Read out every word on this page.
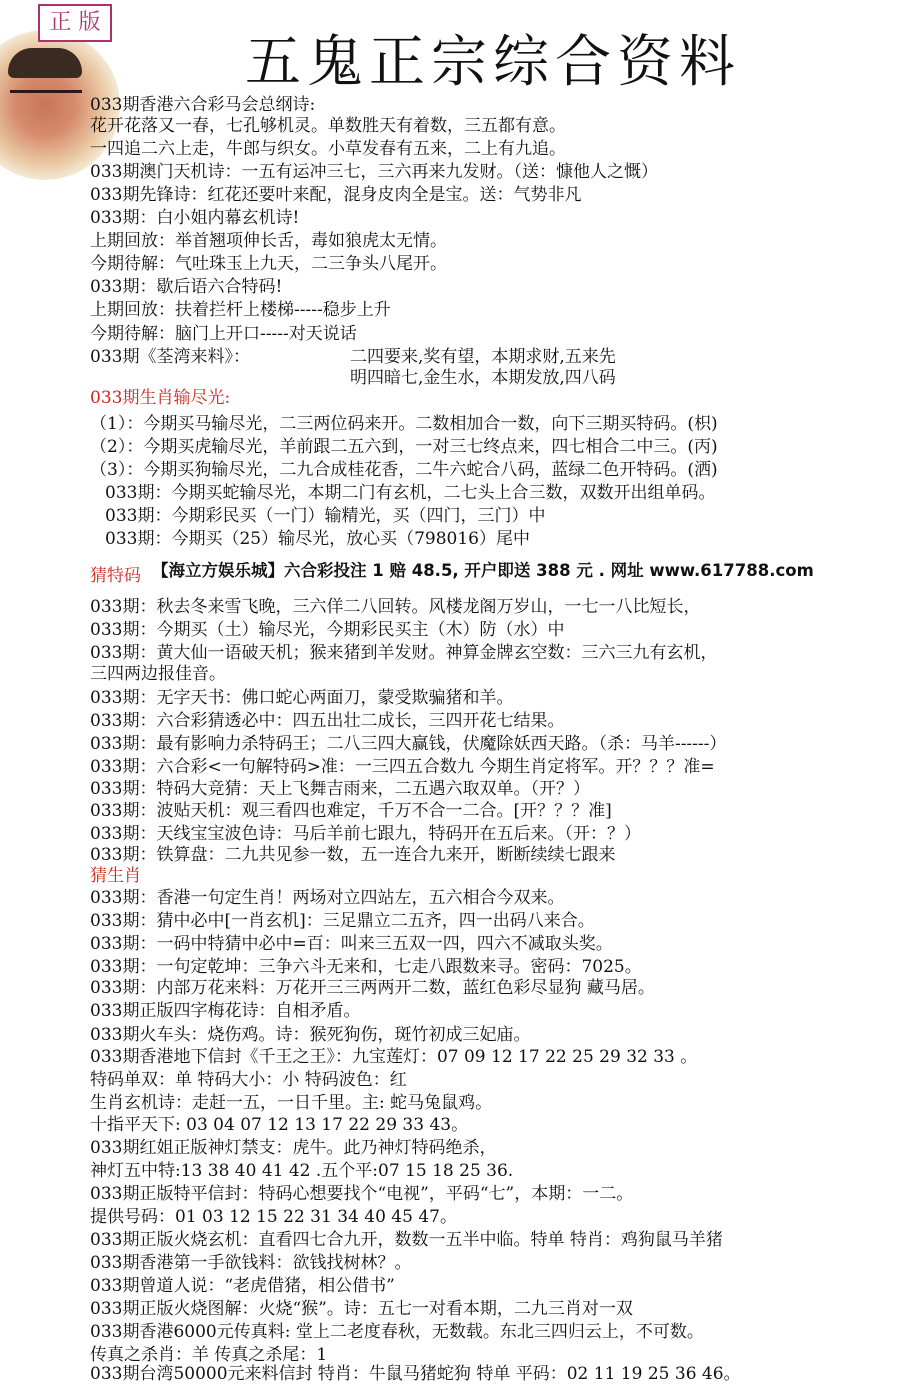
正 版
五鬼正宗综合资料
033期香港六合彩马会总纲诗:
花开花落又一春，七孔够机灵。单数胜天有着数，三五都有意。
一四追二六上走，牛郎与织女。小草发春有五来，二上有九追。
033期澳门天机诗：一五有运冲三七，三六再来九发财。（送：慷他人之慨）
033期先锋诗：红花还要叶来配，混身皮肉全是宝。送：气势非凡
033期：白小姐内幕玄机诗!
上期回放：举首翘项伸长舌，毒如狼虎太无情。
今期待解：气吐珠玉上九天，二三争头八尾开。
033期：歇后语六合特码!
上期回放：扶着拦杆上楼梯-----稳步上升
今期待解：脑门上开口-----对天说话
033期《荃湾来料》：	二四要来,奖有望，本期求财,五来先
明四暗七,金生水，本期发放,四八码
033期生肖输尽光:
（1）：今期买马输尽光，二三两位码来开。二数相加合一数，向下三期买特码。(枳)
（2）：今期买虎输尽光，羊前跟二五六到，一对三七终点来，四七相合二中三。(丙)
（3）：今期买狗输尽光，二九合成桂花香，二牛六蛇合八码，蓝绿二色开特码。(洒)
033期：今期买蛇输尽光，本期二门有玄机，二七头上合三数，双数开出组单码。
033期：今期彩民买（一门）输精光，买（四门，三门）中
033期：今期买（25）输尽光，放心买（798016）尾中
猜特码
033期：秋去冬来雪飞晚，三六佯二八回转。风楼龙阁万岁山，一七一八比短长，
033期：今期买（土）输尽光，今期彩民买主（木）防（水）中
033期：黄大仙一语破天机；猴来猪到羊发财。神算金牌玄空数：三六三九有玄机，
三四两边报佳音。
033期：无字天书：佛口蛇心两面刀，蒙受欺骗猪和羊。
033期：六合彩猜透必中：四五出壮二成长，三四开花七结果。
033期：最有影响力杀特码王；二八三四大赢钱，伏魔除妖西天路。（杀：马羊------）
033期：六合彩<一句解特码>准：一三四五合数九 今期生肖定将军。开？？？准=
033期：特码大竞猜：天上飞舞吉雨来，二五遇六取双单。（开？）
033期：波贴天机：观三看四也难定，千万不合一二合。[开？？？准]
033期：天线宝宝波色诗：马后羊前七跟九，特码开在五后来。（开：？）
033期：铁算盘：二九共见参一数，五一连合九来开，断断续续七跟来
猜生肖
033期：香港一句定生肖！两场对立四站左，五六相合今双来。
033期：猜中必中[一肖玄机]：三足鼎立二五齐，四一出码八来合。
033期：一码中特猜中必中=百：叫来三五双一四，四六不减取头奖。
033期：一句定乾坤：三争六斗无来和，七走八跟数来寻。密码：7025。
033期：内部万花来料：万花开三三两两开二数，蓝红色彩尽显狗 藏马居。
033期正版四字梅花诗：自相矛盾。
033期火车头：烧伤鸡。诗：猴死狗伤，斑竹初成三妃庙。
033期香港地下信封《千王之王》：九宝莲灯：07 09 12 17 22 25 29 32 33 。
特码单双：单 特码大小：小 特码波色：红
生肖玄机诗：走赶一五，一日千里。主: 蛇马兔鼠鸡。
十指平天下: 03 04 07 12 13 17 22 29 33 43。
033期红姐正版神灯禁支：虎牛。此乃神灯特码绝杀，
神灯五中特:13 38 40 41 42 .五个平:07 15 18 25 36.
033期正版特平信封：特码心想要找个“电视”，平码“七”，本期：一二。
提供号码：01 03 12 15 22 31 34 40 45 47。
033期正版火烧玄机：直看四七合九开，数数一五半中临。特单 特肖：鸡狗鼠马羊猪
033期香港第一手欲钱料：欲钱找树林？。
033期曾道人说：“老虎借猪，相公借书”
033期正版火烧图解：火烧“猴”。诗：五七一对看本期，二九三肖对一双
033期香港6000元传真料: 堂上二老度春秋，无数载。东北三四归云上，不可数。
传真之杀肖：羊 传真之杀尾：1
033期台湾50000元来料信封 特肖：牛鼠马猪蛇狗 特单 平码：02 11 19 25 36 46。
【海立方娱乐城】六合彩投注 1 赔 48.5, 开户即送 388 元 . 网址 www.617788.com
